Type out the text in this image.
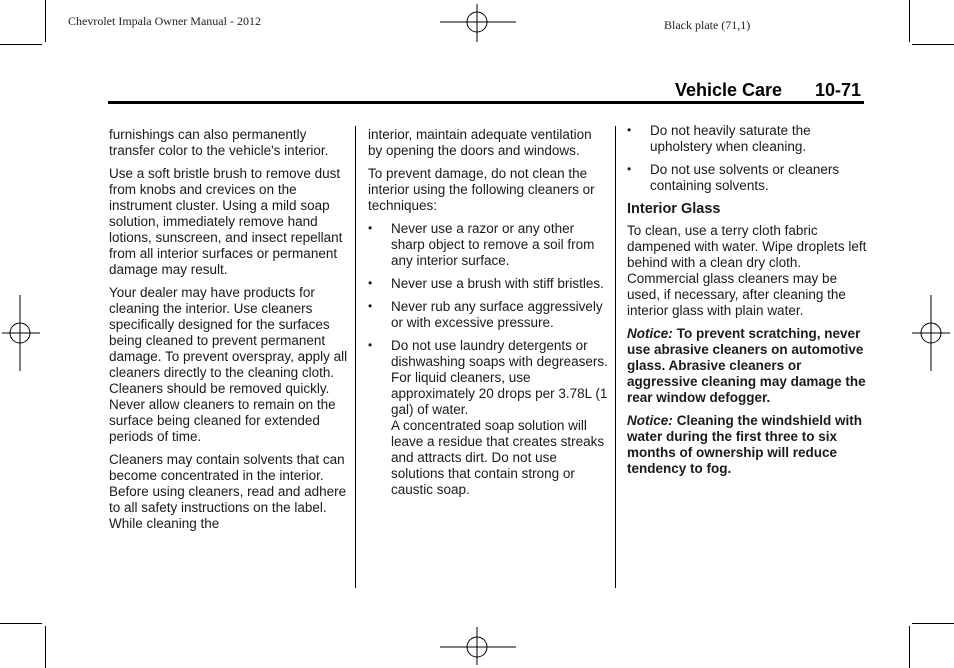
Chevrolet Impala Owner Manual - 2012	Black plate (71,1)
Vehicle Care 10-71

furnishings can also permanently transfer color to the vehicle's interior.

Use a soft bristle brush to remove dust from knobs and crevices on the instrument cluster. Using a mild soap solution, immediately remove hand lotions, sunscreen, and insect repellant from all interior surfaces or permanent damage may result.

Your dealer may have products for cleaning the interior. Use cleaners specifically designed for the surfaces being cleaned to prevent permanent damage. To prevent overspray, apply all cleaners directly to the cleaning cloth. Cleaners should be removed quickly. Never allow cleaners to remain on the surface being cleaned for extended periods of time.

Cleaners may contain solvents that can become concentrated in the interior. Before using cleaners, read and adhere to all safety instructions on the label. While cleaning the

interior, maintain adequate ventilation by opening the doors and windows.

To prevent damage, do not clean the interior using the following cleaners or techniques:

• Never use a razor or any other sharp object to remove a soil from any interior surface.
• Never use a brush with stiff bristles.
• Never rub any surface aggressively or with excessive pressure.
• Do not use laundry detergents or dishwashing soaps with degreasers. For liquid cleaners, use approximately 20 drops per 3.78L (1 gal) of water.
A concentrated soap solution will leave a residue that creates streaks and attracts dirt. Do not use solutions that contain strong or caustic soap.
• Do not heavily saturate the upholstery when cleaning.
• Do not use solvents or cleaners containing solvents.
Interior Glass

To clean, use a terry cloth fabric dampened with water. Wipe droplets left behind with a clean dry cloth. Commercial glass cleaners may be used, if necessary, after cleaning the interior glass with plain water.

Notice: To prevent scratching, never use abrasive cleaners on automotive glass. Abrasive cleaners or aggressive cleaning may damage the rear window defogger.

Notice: Cleaning the windshield with water during the first three to six months of ownership will reduce tendency to fog.
